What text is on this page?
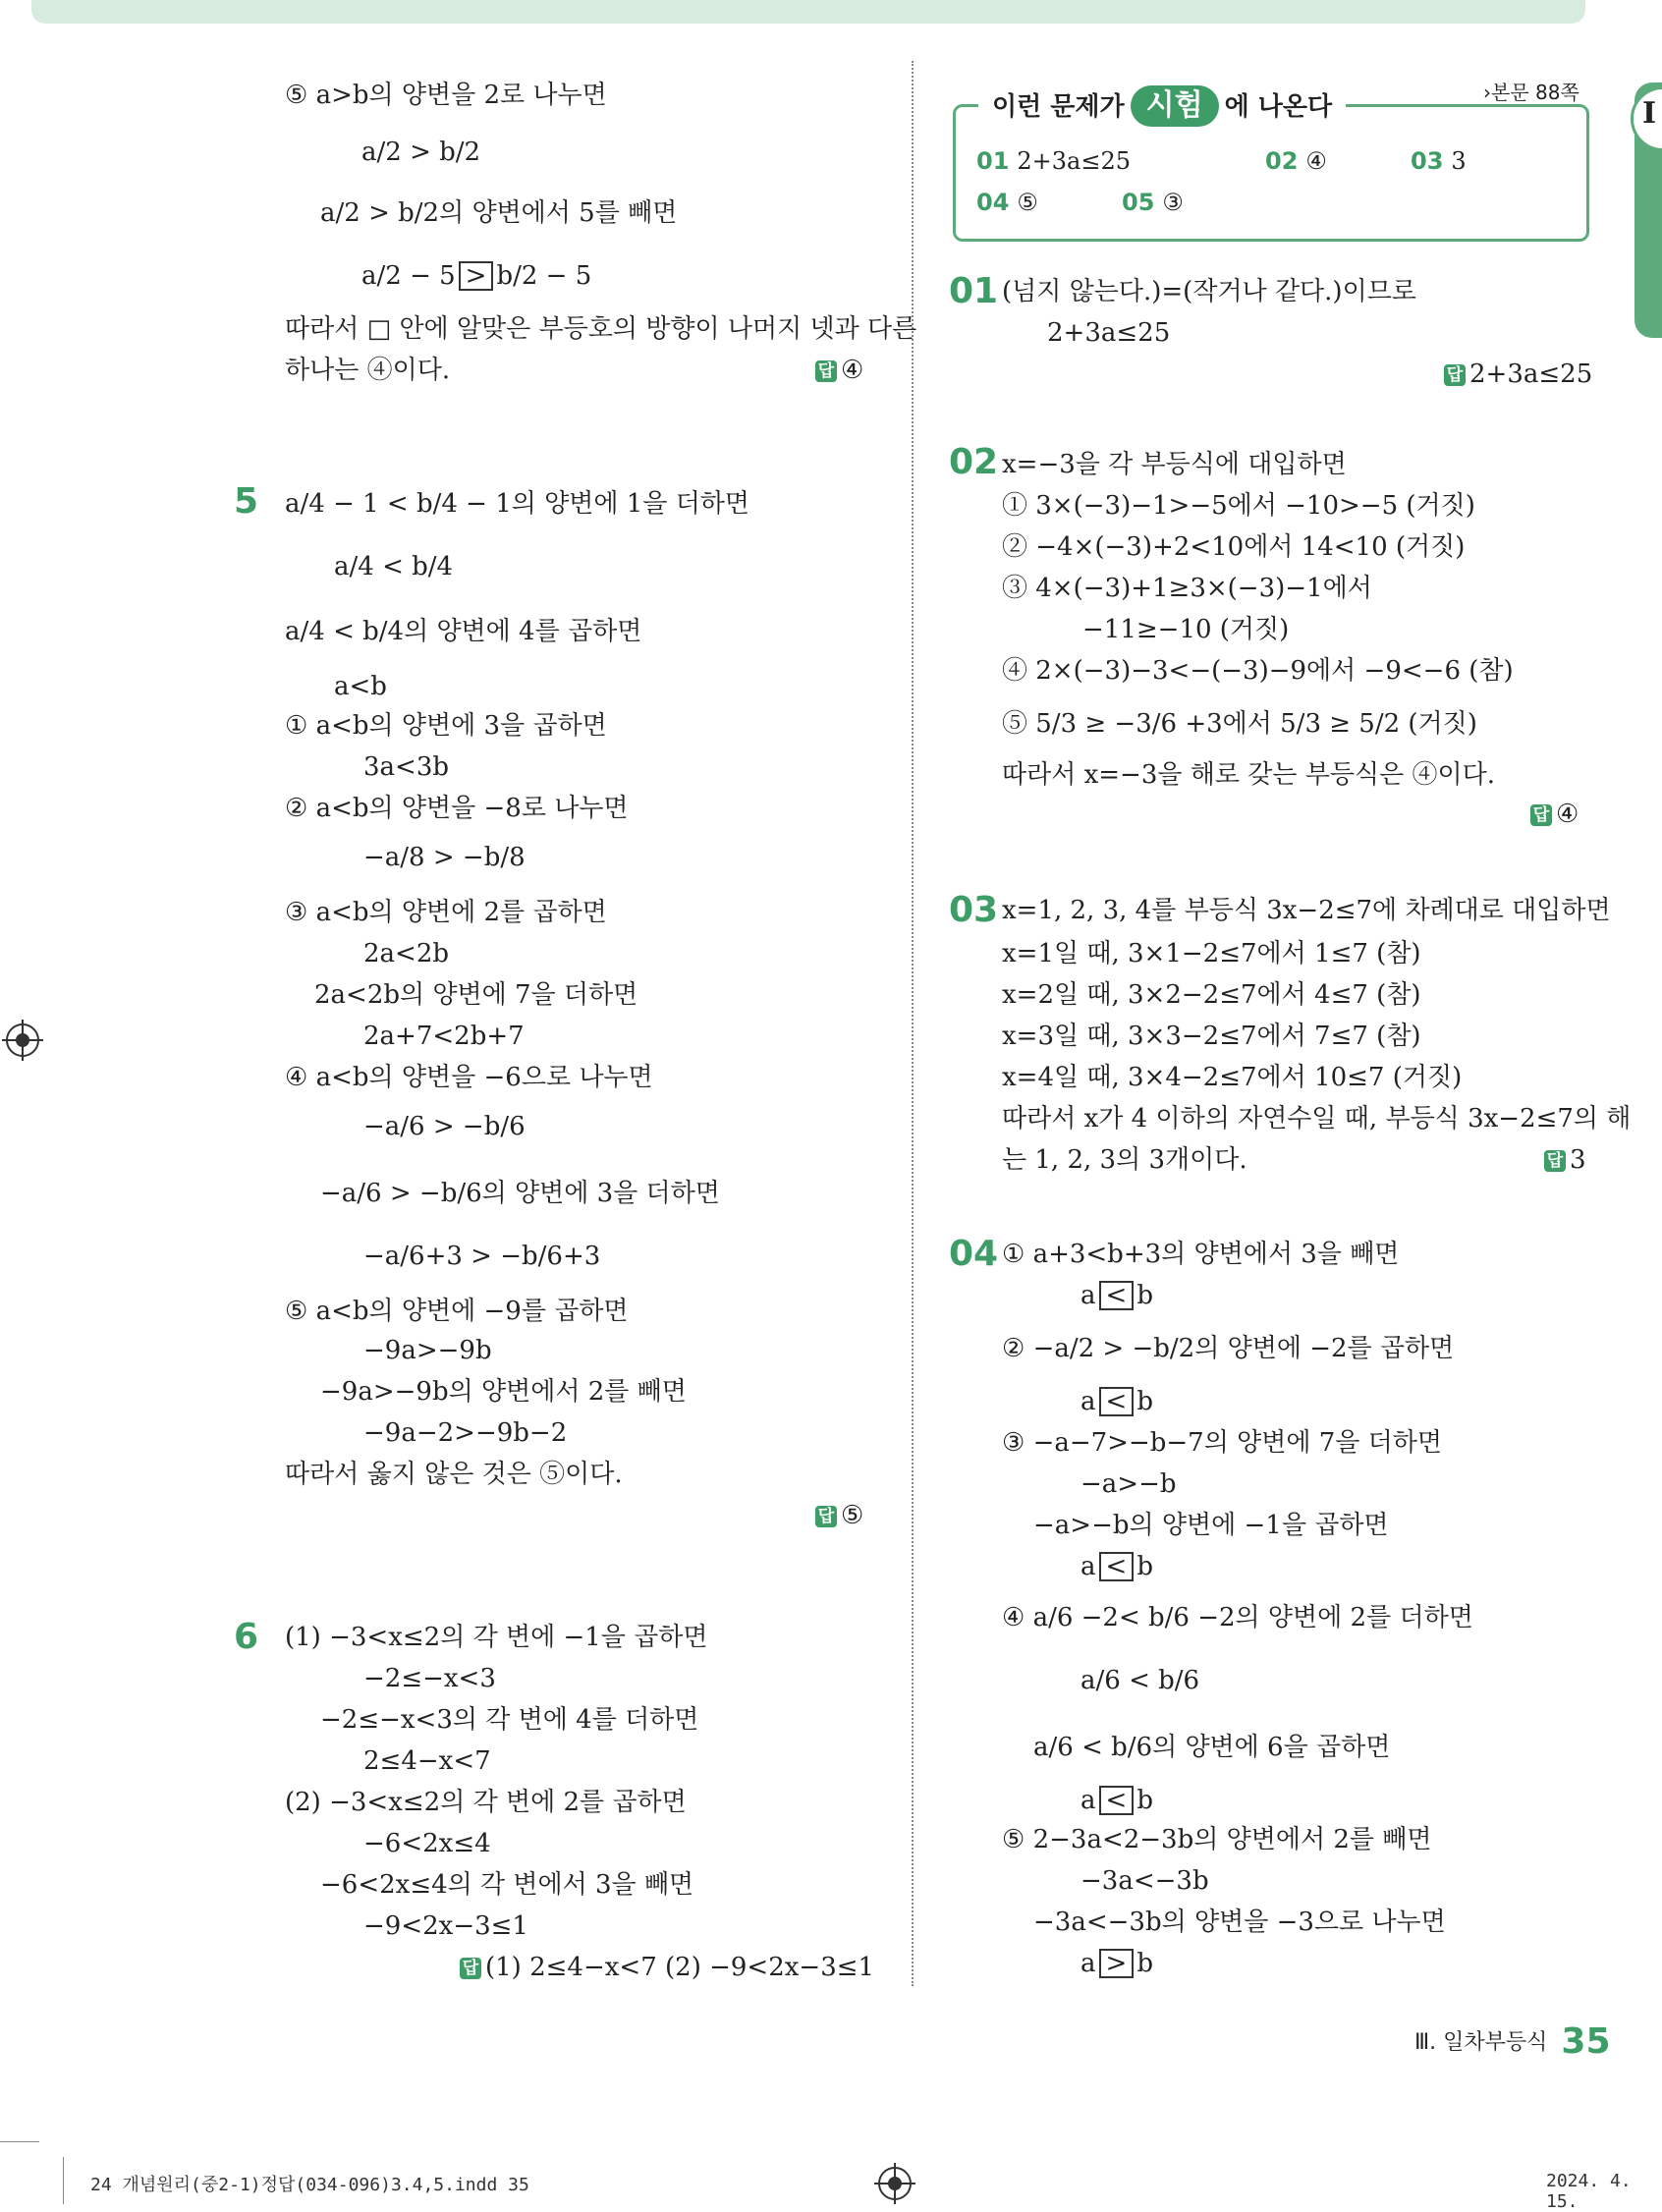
I
⑤ a>b의 양변을 2로 나누면
a/2 > b/2
a/2 > b/2의 양변에서 5를 빼면
a/2 − 5 > b/2 − 5
따라서 □ 안에 알맞은 부등호의 방향이 나머지 넷과 다른
하나는 ④이다.	답 ④
5 a/4 − 1 < b/4 − 1의 양변에 1을 더하면
a/4 < b/4
a/4 < b/4의 양변에 4를 곱하면
a<b
① a<b의 양변에 3을 곱하면
3a<3b
② a<b의 양변을 −8로 나누면
−a/8 > −b/8
③ a<b의 양변에 2를 곱하면
2a<2b
2a<2b의 양변에 7을 더하면
2a+7<2b+7
④ a<b의 양변을 −6으로 나누면
−a/6 > −b/6
−a/6 > −b/6의 양변에 3을 더하면
−a/6+3 > −b/6+3
⑤ a<b의 양변에 −9를 곱하면
−9a>−9b
−9a>−9b의 양변에서 2를 빼면
−9a−2>−9b−2
따라서 옳지 않은 것은 ⑤이다.
답 ⑤
6 (1) −3<x≤2의 각 변에 −1을 곱하면
−2≤−x<3
−2≤−x<3의 각 변에 4를 더하면
2≤4−x<7
(2) −3<x≤2의 각 변에 2를 곱하면
−6<2x≤4
−6<2x≤4의 각 변에서 3을 빼면
−9<2x−3≤1
답 (1) 2≤4−x<7 (2) −9<2x−3≤1
이런 문제가 시험 에 나온다	›본문 88쪽
01 2+3a≤25	02 ④	03 3
04 ⑤	05 ③
01 (넘지 않는다.)=(작거나 같다.)이므로
2+3a≤25
답 2+3a≤25
02 x=−3을 각 부등식에 대입하면
① 3×(−3)−1>−5에서 −10>−5 (거짓)
② −4×(−3)+2<10에서 14<10 (거짓)
③ 4×(−3)+1≥3×(−3)−1에서
−11≥−10 (거짓)
④ 2×(−3)−3<−(−3)−9에서 −9<−6 (참)
⑤ 5/3 ≥ −3/6 +3에서 5/3 ≥ 5/2 (거짓)
따라서 x=−3을 해로 갖는 부등식은 ④이다.
답 ④
03 x=1, 2, 3, 4를 부등식 3x−2≤7에 차례대로 대입하면
x=1일 때, 3×1−2≤7에서 1≤7 (참)
x=2일 때, 3×2−2≤7에서 4≤7 (참)
x=3일 때, 3×3−2≤7에서 7≤7 (참)
x=4일 때, 3×4−2≤7에서 10≤7 (거짓)
따라서 x가 4 이하의 자연수일 때, 부등식 3x−2≤7의 해
는 1, 2, 3의 3개이다.	답 3
04 ① a+3<b+3의 양변에서 3을 빼면
a < b
② −a/2 > −b/2의 양변에 −2를 곱하면
a < b
③ −a−7>−b−7의 양변에 7을 더하면
−a>−b
−a>−b의 양변에 −1을 곱하면
a < b
④ a/6 −2< b/6 −2의 양변에 2를 더하면
a/6 < b/6
a/6 < b/6의 양변에 6을 곱하면
a < b
⑤ 2−3a<2−3b의 양변에서 2를 빼면
−3a<−3b
−3a<−3b의 양변을 −3으로 나누면
a > b
Ⅲ. 일차부등식 35
24 개념원리(중2-1)정답(034-096)3.4,5.indd 35	2024. 4. 15.
